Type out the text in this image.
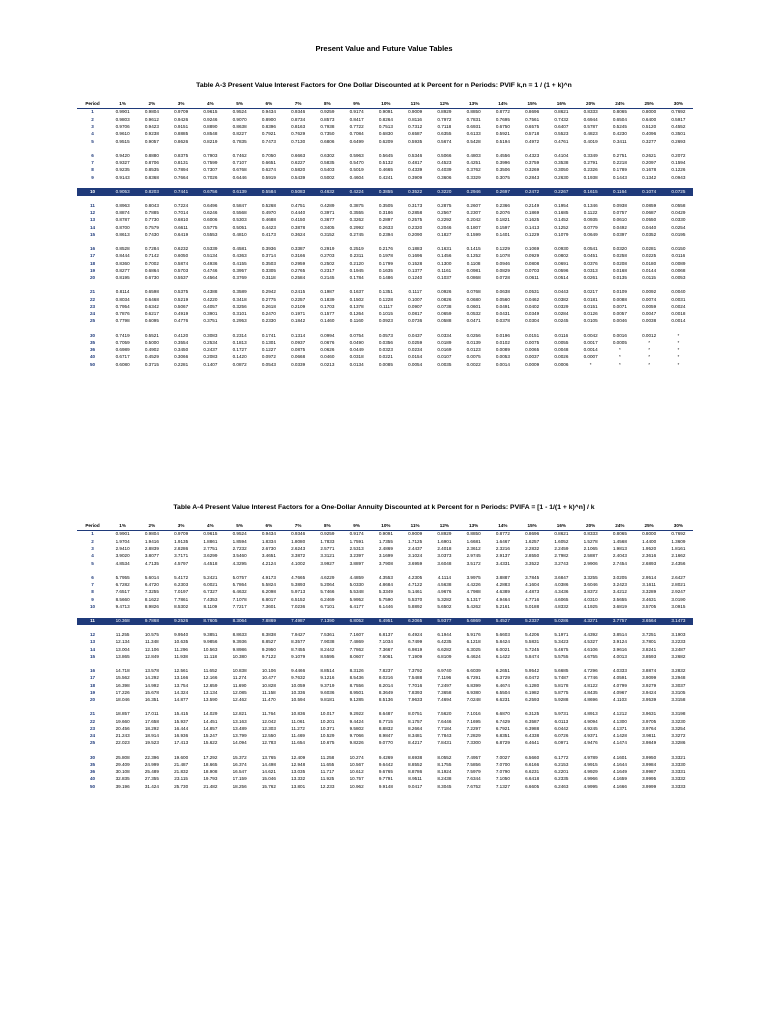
Present Value and Future Value Tables
Table A-3 Present Value Interest Factors for One Dollar Discounted at k Percent for n Periods: PVIF k,n = 1 / (1 + k)^n
Period	1%	2%	3%	4%	5%	6%	7%	8%	9%	10%	11%	12%	13%	14%	15%	16%	20%	24%	25%	30%
1	0.9901	0.9804	0.9709	0.9615	0.9524	0.9434	0.9346	0.9259	0.9174	0.9091	0.9009	0.8929	0.8850	0.8772	0.8696	0.8621	0.8333	0.8065	0.8000	0.7692
2	0.9803	0.9612	0.9426	0.9246	0.9070	0.8900	0.8734	0.8573	0.8417	0.8264	0.8116	0.7972	0.7831	0.7695	0.7561	0.7432	0.6944	0.6504	0.6400	0.5917
3	0.9706	0.9423	0.9151	0.8890	0.8638	0.8396	0.8163	0.7938	0.7722	0.7513	0.7312	0.7118	0.6931	0.6750	0.6575	0.6407	0.5787	0.5245	0.5120	0.4552
4	0.9610	0.9238	0.8885	0.8548	0.8227	0.7921	0.7629	0.7350	0.7084	0.6830	0.6587	0.6355	0.6133	0.5921	0.5718	0.5523	0.4823	0.4230	0.4096	0.3501
5	0.9515	0.9057	0.8626	0.8219	0.7835	0.7473	0.7130	0.6806	0.6499	0.6209	0.5935	0.5674	0.5428	0.5194	0.4972	0.4761	0.4019	0.3411	0.3277	0.2693

6	0.9420	0.8880	0.8375	0.7903	0.7462	0.7050	0.6663	0.6302	0.5963	0.5645	0.5346	0.5066	0.4803	0.4556	0.4323	0.4104	0.3349	0.2751	0.2621	0.2072
7	0.9327	0.8706	0.8131	0.7599	0.7107	0.6651	0.6227	0.5835	0.5470	0.5132	0.4817	0.4523	0.4251	0.3996	0.3759	0.3538	0.2791	0.2218	0.2097	0.1594
8	0.9235	0.8535	0.7894	0.7307	0.6768	0.6274	0.5820	0.5403	0.5019	0.4665	0.4339	0.4039	0.3762	0.3506	0.3269	0.3050	0.2326	0.1789	0.1678	0.1226
9	0.9143	0.8368	0.7664	0.7026	0.6446	0.5919	0.5439	0.5002	0.4604	0.4241	0.3909	0.3606	0.3329	0.3075	0.2843	0.2630	0.1938	0.1443	0.1342	0.0943

10	0.9053	0.8203	0.7441	0.6756	0.6139	0.5584	0.5083	0.4632	0.4224	0.3855	0.3522	0.3220	0.2946	0.2697	0.2472	0.2267	0.1615	0.1164	0.1074	0.0725

11	0.8963	0.8043	0.7224	0.6496	0.5847	0.5268	0.4751	0.4289	0.3875	0.3505	0.3173	0.2875	0.2607	0.2366	0.2149	0.1954	0.1346	0.0938	0.0859	0.0558
12	0.8874	0.7885	0.7014	0.6246	0.5568	0.4970	0.4440	0.3971	0.3555	0.3186	0.2858	0.2567	0.2307	0.2076	0.1869	0.1685	0.1122	0.0757	0.0687	0.0429
13	0.8787	0.7730	0.6810	0.6006	0.5303	0.4688	0.4150	0.3677	0.3262	0.2897	0.2575	0.2292	0.2042	0.1821	0.1625	0.1452	0.0935	0.0610	0.0550	0.0330
14	0.8700	0.7579	0.6611	0.5775	0.5051	0.4423	0.3878	0.3405	0.2992	0.2633	0.2320	0.2046	0.1807	0.1597	0.1413	0.1252	0.0779	0.0492	0.0440	0.0254
15	0.8613	0.7430	0.6419	0.5553	0.4810	0.4173	0.3624	0.3152	0.2745	0.2394	0.2090	0.1827	0.1599	0.1401	0.1229	0.1079	0.0649	0.0397	0.0352	0.0195

16	0.8528	0.7284	0.6232	0.5339	0.4581	0.3936	0.3387	0.2919	0.2519	0.2176	0.1883	0.1631	0.1415	0.1229	0.1069	0.0930	0.0541	0.0320	0.0281	0.0150
17	0.8444	0.7142	0.6050	0.5134	0.4363	0.3714	0.3166	0.2703	0.2311	0.1978	0.1696	0.1456	0.1252	0.1078	0.0929	0.0802	0.0451	0.0258	0.0225	0.0116
18	0.8360	0.7002	0.5874	0.4936	0.4155	0.3503	0.2959	0.2502	0.2120	0.1799	0.1528	0.1300	0.1108	0.0946	0.0808	0.0691	0.0376	0.0208	0.0180	0.0089
19	0.8277	0.6864	0.5703	0.4746	0.3957	0.3305	0.2765	0.2317	0.1945	0.1635	0.1377	0.1161	0.0981	0.0829	0.0703	0.0596	0.0313	0.0168	0.0144	0.0068
20	0.8195	0.6730	0.5537	0.4564	0.3769	0.3118	0.2584	0.2145	0.1784	0.1486	0.1240	0.1037	0.0868	0.0728	0.0611	0.0514	0.0261	0.0135	0.0115	0.0053

21	0.8114	0.6598	0.5375	0.4388	0.3589	0.2942	0.2415	0.1987	0.1637	0.1351	0.1117	0.0926	0.0768	0.0638	0.0531	0.0443	0.0217	0.0109	0.0092	0.0040
22	0.8034	0.6468	0.5219	0.4220	0.3418	0.2775	0.2257	0.1839	0.1502	0.1228	0.1007	0.0826	0.0680	0.0560	0.0462	0.0382	0.0181	0.0088	0.0074	0.0031
23	0.7954	0.6342	0.5067	0.4057	0.3256	0.2618	0.2109	0.1703	0.1378	0.1117	0.0907	0.0738	0.0601	0.0491	0.0402	0.0329	0.0151	0.0071	0.0059	0.0024
24	0.7876	0.6217	0.4919	0.3901	0.3101	0.2470	0.1971	0.1577	0.1264	0.1015	0.0817	0.0659	0.0532	0.0431	0.0349	0.0284	0.0126	0.0057	0.0047	0.0018
25	0.7798	0.6095	0.4776	0.3751	0.2953	0.2330	0.1842	0.1460	0.1160	0.0923	0.0736	0.0588	0.0471	0.0378	0.0304	0.0245	0.0105	0.0046	0.0038	0.0014

30	0.7419	0.5521	0.4120	0.3083	0.2314	0.1741	0.1314	0.0994	0.0754	0.0573	0.0437	0.0334	0.0256	0.0196	0.0151	0.0116	0.0042	0.0016	0.0012	*
35	0.7059	0.5000	0.3554	0.2534	0.1813	0.1301	0.0937	0.0676	0.0490	0.0356	0.0259	0.0189	0.0139	0.0102	0.0075	0.0055	0.0017	0.0005	*	*
36	0.6989	0.4902	0.3450	0.2437	0.1727	0.1227	0.0875	0.0626	0.0449	0.0323	0.0234	0.0169	0.0123	0.0089	0.0065	0.0048	0.0014	*	*	*
40	0.6717	0.4529	0.3066	0.2083	0.1420	0.0972	0.0668	0.0460	0.0318	0.0221	0.0154	0.0107	0.0075	0.0053	0.0037	0.0026	0.0007	*	*	*
50	0.6080	0.3715	0.2281	0.1407	0.0872	0.0543	0.0339	0.0213	0.0134	0.0085	0.0054	0.0035	0.0022	0.0014	0.0009	0.0006	*	*	*	*
Table A-4 Present Value Interest Factors for a One-Dollar Annuity Discounted at k Percent for n Periods: PVIFA = [1 - 1/(1 + k)^n] / k
Period	1%	2%	3%	4%	5%	6%	7%	8%	9%	10%	11%	12%	13%	14%	15%	16%	20%	24%	25%	30%
1	0.9901	0.9804	0.9709	0.9615	0.9524	0.9434	0.9346	0.9259	0.9174	0.9091	0.9009	0.8929	0.8850	0.8772	0.8696	0.8621	0.8333	0.8065	0.8000	0.7692
2	1.9704	1.9416	1.9135	1.8861	1.8594	1.8334	1.8080	1.7833	1.7591	1.7355	1.7125	1.6901	1.6681	1.6467	1.6257	1.6052	1.5278	1.4568	1.4400	1.3609
3	2.9410	2.8839	2.8286	2.7751	2.7232	2.6730	2.6243	2.5771	2.5313	2.4869	2.4437	2.4018	2.3612	2.3216	2.2832	2.2459	2.1065	1.9813	1.9520	1.8161
4	3.9020	3.8077	3.7171	3.6299	3.5460	3.4651	3.3872	3.3121	3.2397	3.1699	3.1024	3.0373	2.9745	2.9137	2.8550	2.7982	2.5887	2.4043	2.3616	2.1662
5	4.8534	4.7135	4.5797	4.4518	4.3295	4.2124	4.1002	3.9927	3.8897	3.7908	3.6959	3.6048	3.5172	3.4331	3.3522	3.2743	2.9906	2.7454	2.6893	2.4356

6	5.7955	5.6014	5.4172	5.2421	5.0757	4.9173	4.7665	4.6229	4.4859	4.3553	4.2305	4.1114	3.9975	3.8887	3.7845	3.6847	3.3255	3.0205	2.9514	2.6427
7	6.7282	6.4720	6.2303	6.0021	5.7864	5.5824	5.3893	5.2064	5.0330	4.8684	4.7122	4.5638	4.4226	4.2883	4.1604	4.0386	3.6046	3.2423	3.1611	2.8021
8	7.6517	7.3255	7.0197	6.7327	6.4632	6.2098	5.9713	5.7466	5.5348	5.3349	5.1461	4.9676	4.7988	4.6389	4.4873	4.3436	3.8372	3.4212	3.3289	2.9247
9	8.5660	8.1622	7.7861	7.4353	7.1078	6.8017	6.5152	6.2469	5.9952	5.7590	5.5370	5.3282	5.1317	4.9464	4.7716	4.6065	4.0310	3.5655	3.4631	3.0190
10	9.4713	8.9826	8.5302	8.1109	7.7217	7.3601	7.0236	6.7101	6.4177	6.1446	5.8892	5.6502	5.4262	5.2161	5.0188	4.8332	4.1925	3.6819	3.5705	3.0915

11	10.368	9.7868	9.2526	8.7605	8.3064	7.8869	7.4987	7.1390	6.8052	6.4951	6.2065	5.9377	5.6869	5.4527	5.2337	5.0286	4.3271	3.7757	3.6564	3.1473

12	11.255	10.575	9.9540	9.3851	8.8633	8.3838	7.9427	7.5361	7.1607	6.8137	6.4924	6.1944	5.9176	5.6603	5.4206	5.1971	4.4392	3.8514	3.7251	3.1903
13	12.134	11.348	10.635	9.9856	9.3936	8.8527	8.3577	7.9038	7.4869	7.1034	6.7499	6.4235	6.1218	5.8424	5.5831	5.3423	4.5327	3.9124	3.7801	3.2233
14	13.004	12.106	11.296	10.563	9.8986	9.2950	8.7455	8.2442	7.7862	7.3667	6.9819	6.6282	6.3025	6.0021	5.7245	5.4675	4.6106	3.9616	3.8241	3.2487
15	13.865	12.849	11.938	11.118	10.380	9.7122	9.1079	8.5595	8.0607	7.6061	7.1909	6.8109	6.4624	6.1422	5.8474	5.5755	4.6755	4.0013	3.8593	3.2682

16	14.718	13.578	12.561	11.652	10.838	10.106	9.4466	8.8514	8.3126	7.8237	7.3792	6.9740	6.6039	6.2651	5.9542	5.6685	4.7296	4.0333	3.8874	3.2832
17	15.562	14.292	13.166	12.166	11.274	10.477	9.7632	9.1216	8.5436	8.0216	7.5488	7.1196	6.7291	6.3729	6.0472	5.7487	4.7746	4.0591	3.9099	3.2948
18	16.398	14.992	13.754	12.659	11.690	10.828	10.059	9.3719	8.7556	8.2014	7.7016	7.2497	6.8399	6.4674	6.1280	5.8178	4.8122	4.0799	3.9279	3.3037
19	17.226	15.678	14.324	13.134	12.085	11.158	10.336	9.6036	8.9501	8.3649	7.8393	7.3658	6.9380	6.5504	6.1982	5.8775	4.8435	4.0967	3.9424	3.3105
20	18.046	16.351	14.877	13.590	12.462	11.470	10.594	9.8181	9.1285	8.5136	7.9633	7.4694	7.0248	6.6231	6.2593	5.9288	4.8696	4.1103	3.9539	3.3158

21	18.857	17.011	15.415	14.029	12.821	11.764	10.836	10.017	9.2922	8.6487	8.0751	7.5620	7.1016	6.6870	6.3125	5.9731	4.8913	4.1212	3.9631	3.3198
22	19.660	17.658	15.937	14.451	13.163	12.042	11.061	10.201	9.4424	8.7715	8.1757	7.6446	7.1695	6.7429	6.3587	6.0113	4.9094	4.1300	3.9705	3.3230
23	20.456	18.292	16.444	14.857	13.489	12.303	11.272	10.371	9.5802	8.8832	8.2664	7.7184	7.2297	6.7921	6.3988	6.0442	4.9245	4.1371	3.9764	3.3254
24	21.243	18.914	16.936	15.247	13.799	12.550	11.469	10.529	9.7066	8.9847	8.3481	7.7843	7.2829	6.8351	6.4338	6.0726	4.9371	4.1428	3.9811	3.3272
25	22.023	19.523	17.413	15.622	14.094	12.783	11.654	10.675	9.8226	9.0770	8.4217	7.8431	7.3300	6.8729	6.4641	6.0971	4.9476	4.1474	3.9849	3.3286

30	25.808	22.396	19.600	17.292	15.372	13.765	12.409	11.258	10.274	9.4269	8.6938	8.0552	7.4957	7.0027	6.5660	6.1772	4.9789	4.1601	3.9950	3.3321
35	29.409	24.999	21.487	18.665	16.374	14.498	12.948	11.655	10.567	9.6442	8.8552	8.1755	7.5856	7.0700	6.6166	6.2153	4.9915	4.1644	3.9984	3.3330
36	30.108	25.489	21.832	18.908	16.547	14.621	13.035	11.717	10.612	9.6765	8.8786	8.1924	7.5979	7.0790	6.6231	6.2201	4.9929	4.1649	3.9987	3.3331
40	32.835	27.355	23.115	19.793	17.159	15.046	13.332	11.925	10.757	9.7791	8.9511	8.2438	7.6344	7.1050	6.6418	6.2335	4.9966	4.1659	3.9995	3.3332
50	39.196	31.424	25.730	21.482	18.256	15.762	13.801	12.233	10.962	9.9148	9.0417	8.3045	7.6752	7.1327	6.6605	6.2463	4.9995	4.1666	3.9999	3.3333
